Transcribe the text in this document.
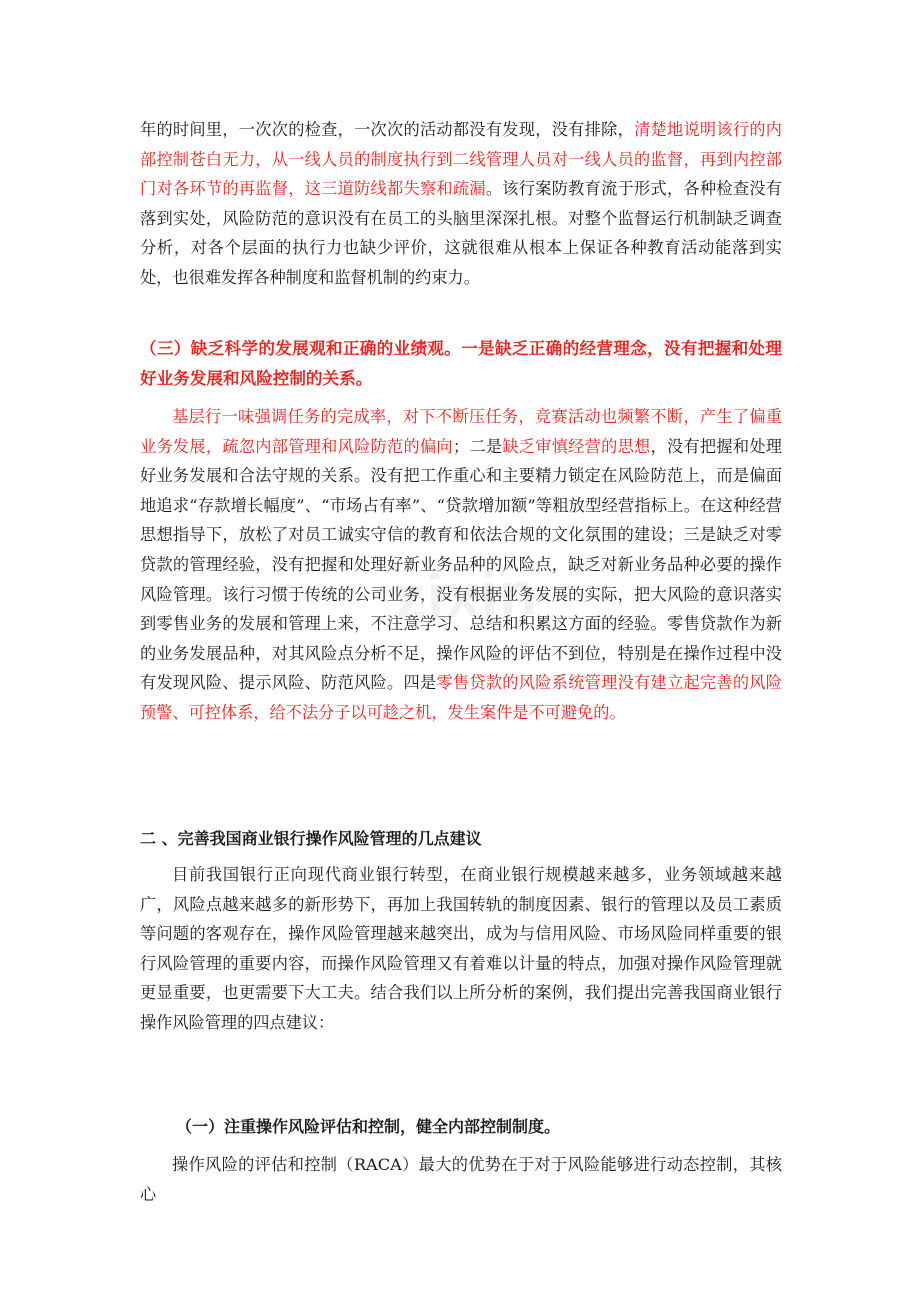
zixin

年的时间里，一次次的检查，一次次的活动都没有发现，没有排除，清楚地说明该行的内部控制苍白无力，从一线人员的制度执行到二线管理人员对一线人员的监督，再到内控部门对各环节的再监督，这三道防线都失察和疏漏。该行案防教育流于形式，各种检查没有落到实处，风险防范的意识没有在员工的头脑里深深扎根。对整个监督运行机制缺乏调查分析，对各个层面的执行力也缺少评价，这就很难从根本上保证各种教育活动能落到实处，也很难发挥各种制度和监督机制的约束力。

（三）缺乏科学的发展观和正确的业绩观。一是缺乏正确的经营理念，没有把握和处理好业务发展和风险控制的关系。

基层行一味强调任务的完成率，对下不断压任务，竞赛活动也频繁不断，产生了偏重业务发展，疏忽内部管理和风险防范的偏向；二是缺乏审慎经营的思想，没有把握和处理好业务发展和合法守规的关系。没有把工作重心和主要精力锁定在风险防范上，而是偏面地追求“存款增长幅度”、“市场占有率”、“贷款增加额”等粗放型经营指标上。在这种经营思想指导下，放松了对员工诚实守信的教育和依法合规的文化氛围的建设；三是缺乏对零贷款的管理经验，没有把握和处理好新业务品种的风险点，缺乏对新业务品种必要的操作风险管理。该行习惯于传统的公司业务，没有根据业务发展的实际，把大风险的意识落实到零售业务的发展和管理上来，不注意学习、总结和积累这方面的经验。零售贷款作为新的业务发展品种，对其风险点分析不足，操作风险的评估不到位，特别是在操作过程中没有发现风险、提示风险、防范风险。四是零售贷款的风险系统管理没有建立起完善的风险预警、可控体系，给不法分子以可趁之机，发生案件是不可避免的。

二 、完善我国商业银行操作风险管理的几点建议

目前我国银行正向现代商业银行转型，在商业银行规模越来越多，业务领域越来越广，风险点越来越多的新形势下，再加上我国转轨的制度因素、银行的管理以及员工素质等问题的客观存在，操作风险管理越来越突出，成为与信用风险、市场风险同样重要的银行风险管理的重要内容，而操作风险管理又有着难以计量的特点，加强对操作风险管理就更显重要，也更需要下大工夫。结合我们以上所分析的案例，我们提出完善我国商业银行操作风险管理的四点建议：

（一）注重操作风险评估和控制，健全内部控制制度。

操作风险的评估和控制（RACA）最大的优势在于对于风险能够进行动态控制，其核心
